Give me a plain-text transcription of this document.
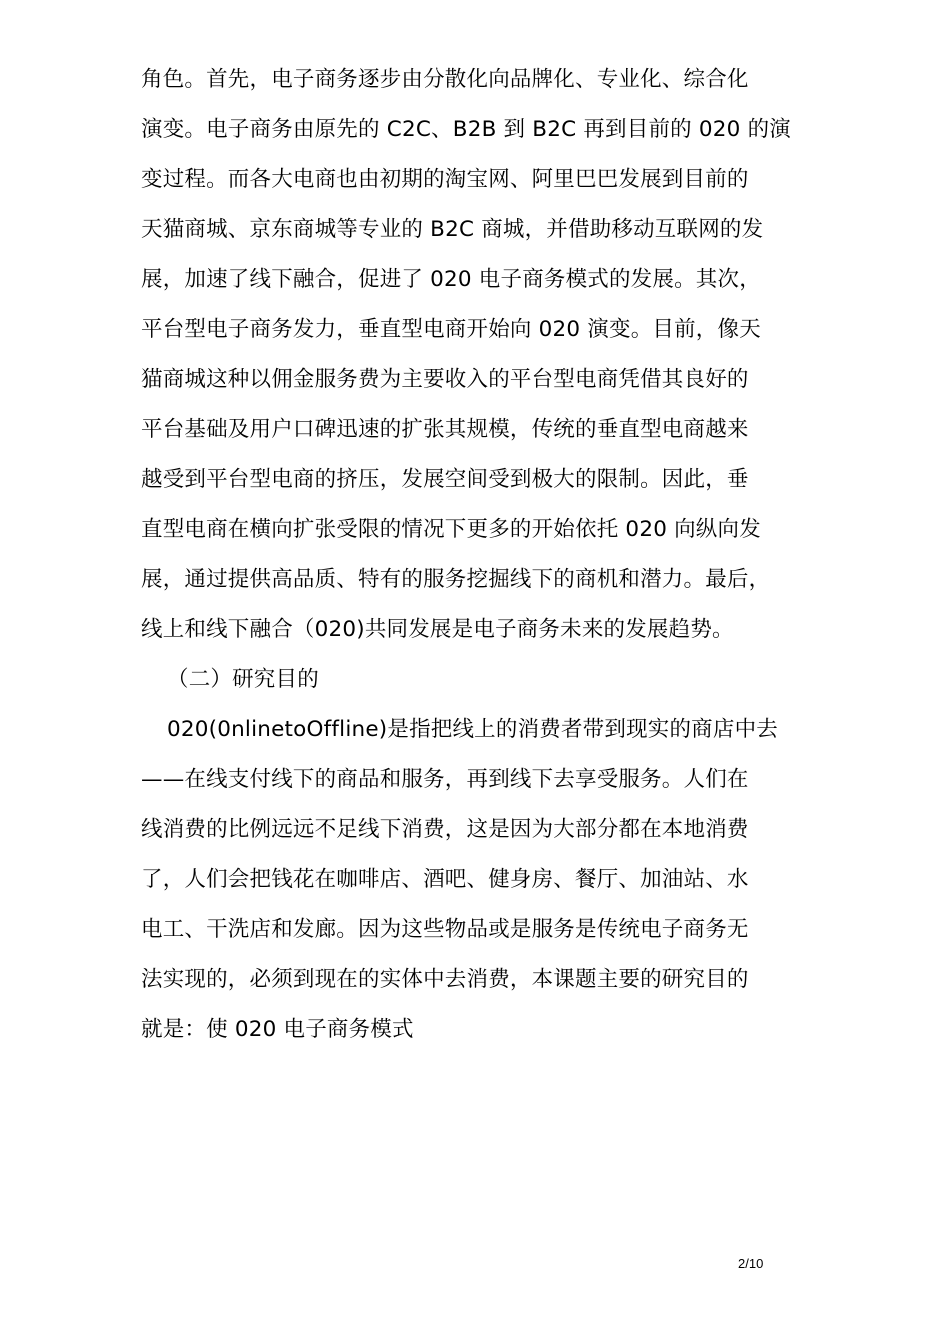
角色。首先，电子商务逐步由分散化向品牌化、专业化、综合化
演变。电子商务由原先的 C2C、B2B 到 B2C 再到目前的 020 的演
变过程。而各大电商也由初期的淘宝网、阿里巴巴发展到目前的
天猫商城、京东商城等专业的 B2C 商城，并借助移动互联网的发
展，加速了线下融合，促进了 020 电子商务模式的发展。其次，
平台型电子商务发力，垂直型电商开始向 020 演变。目前，像天
猫商城这种以佣金服务费为主要收入的平台型电商凭借其良好的
平台基础及用户口碑迅速的扩张其规模，传统的垂直型电商越来
越受到平台型电商的挤压，发展空间受到极大的限制。因此，垂
直型电商在横向扩张受限的情况下更多的开始依托 020 向纵向发
展，通过提供高品质、特有的服务挖掘线下的商机和潜力。最后，
线上和线下融合（020)共同发展是电子商务未来的发展趋势。
（二）研究目的
020(0nlinetoOffline)是指把线上的消费者带到现实的商店中去
——在线支付线下的商品和服务，再到线下去享受服务。人们在
线消费的比例远远不足线下消费，这是因为大部分都在本地消费
了，人们会把钱花在咖啡店、酒吧、健身房、餐厅、加油站、水
电工、干洗店和发廊。因为这些物品或是服务是传统电子商务无
法实现的，必须到现在的实体中去消费，本课题主要的研究目的
就是：使 020 电子商务模式
2/10
